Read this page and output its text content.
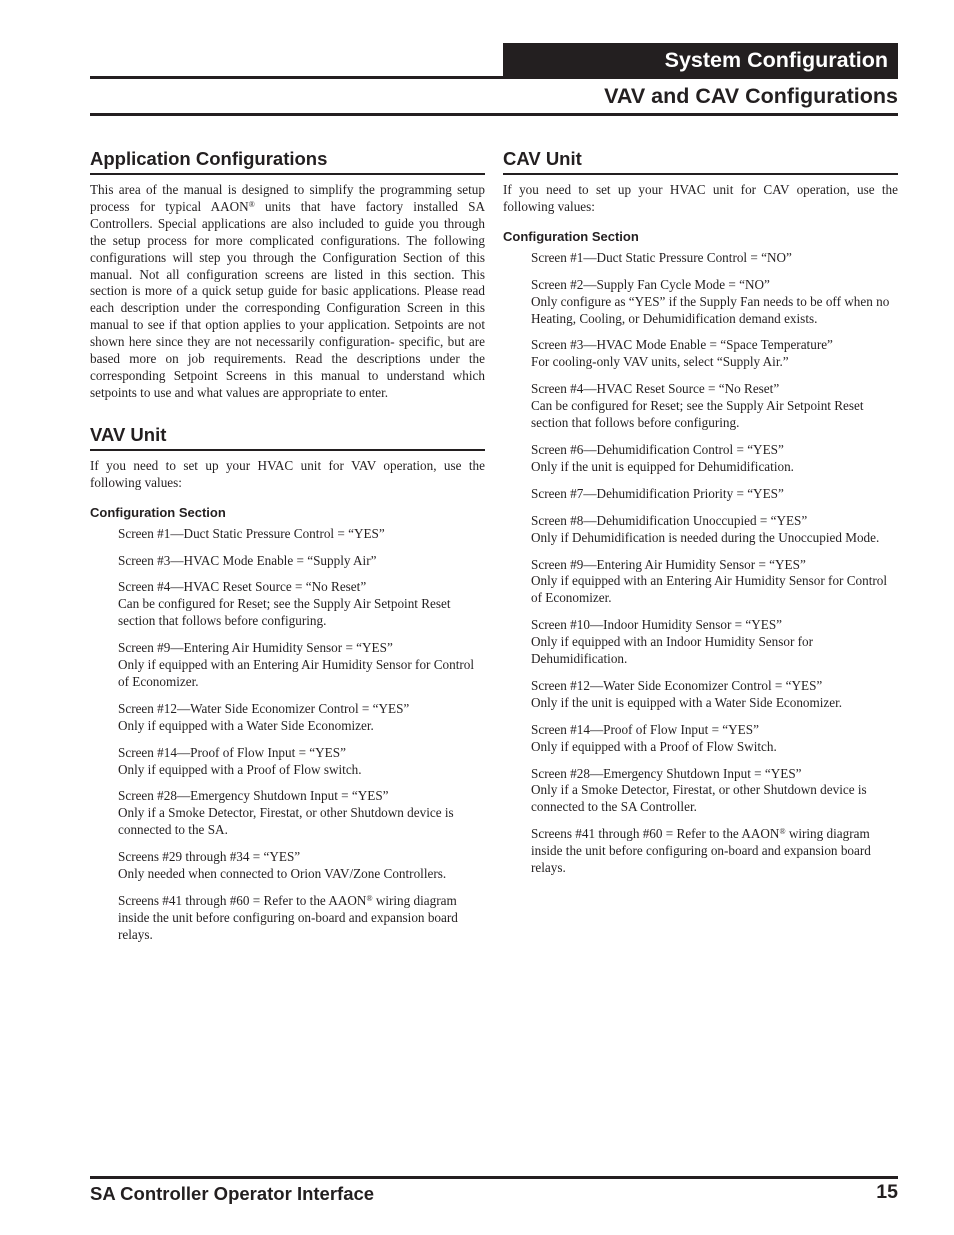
System Configuration
VAV and CAV Configurations
Application Configurations

This area of the manual is designed to simplify the programming setup process for typical AAON® units that have factory installed SA Controllers. Special applications are also included to guide you through the setup process for more complicated configurations. The following configurations will step you through the Configuration Section of this manual. Not all configuration screens are listed in this section. This section is more of a quick setup guide for basic applications. Please read each description under the corresponding Configuration Screen in this manual to see if that option applies to your application. Setpoints are not shown here since they are not necessarily configuration- specific, but are based more on job requirements. Read the descriptions under the corresponding Setpoint Screens in this manual to understand which setpoints to use and what values are appropriate to enter.

VAV Unit

If you need to set up your HVAC unit for VAV operation, use the following values:

Configuration Section
Screen #1—Duct Static Pressure Control = “YES”
Screen #3—HVAC Mode Enable = “Supply Air”
Screen #4—HVAC Reset Source = “No Reset”
Can be configured for Reset; see the Supply Air Setpoint Reset section that follows before configuring.
Screen #9—Entering Air Humidity Sensor = “YES”
Only if equipped with an Entering Air Humidity Sensor for Control of Economizer.
Screen #12—Water Side Economizer Control = “YES”
Only if equipped with a Water Side Economizer.
Screen #14—Proof of Flow Input = “YES”
Only if equipped with a Proof of Flow switch.
Screen #28—Emergency Shutdown Input = “YES”
Only if a Smoke Detector, Firestat, or other Shutdown device is connected to the SA.
Screens #29 through #34 = “YES”
Only needed when connected to Orion VAV/Zone Controllers.
Screens #41 through #60 = Refer to the AAON® wiring diagram inside the unit before configuring on-board and expansion board relays.
CAV Unit

If you need to set up your HVAC unit for CAV operation, use the following values:

Configuration Section
Screen #1—Duct Static Pressure Control = “NO”
Screen #2—Supply Fan Cycle Mode = “NO”
Only configure as “YES” if the Supply Fan needs to be off when no Heating, Cooling, or Dehumidification demand exists.
Screen #3—HVAC Mode Enable = “Space Temperature”
For cooling-only VAV units, select “Supply Air.”
Screen #4—HVAC Reset Source = “No Reset”
Can be configured for Reset; see the Supply Air Setpoint Reset section that follows before configuring.
Screen #6—Dehumidification Control = “YES”
Only if the unit is equipped for Dehumidification.
Screen #7—Dehumidification Priority = “YES”
Screen #8—Dehumidification Unoccupied = “YES”
Only if Dehumidification is needed during the Unoccupied Mode.
Screen #9—Entering Air Humidity Sensor = “YES”
Only if equipped with an Entering Air Humidity Sensor for Control of Economizer.
Screen #10—Indoor Humidity Sensor = “YES”
Only if equipped with an Indoor Humidity Sensor for Dehumidification.
Screen #12—Water Side Economizer Control = “YES”
Only if the unit is equipped with a Water Side Economizer.
Screen #14—Proof of Flow Input = “YES”
Only if equipped with a Proof of Flow Switch.
Screen #28—Emergency Shutdown Input = “YES”
Only if a Smoke Detector, Firestat, or other Shutdown device is connected to the SA Controller.
Screens #41 through #60 = Refer to the AAON® wiring diagram inside the unit before configuring on-board and expansion board relays.
SA Controller Operator Interface	15
